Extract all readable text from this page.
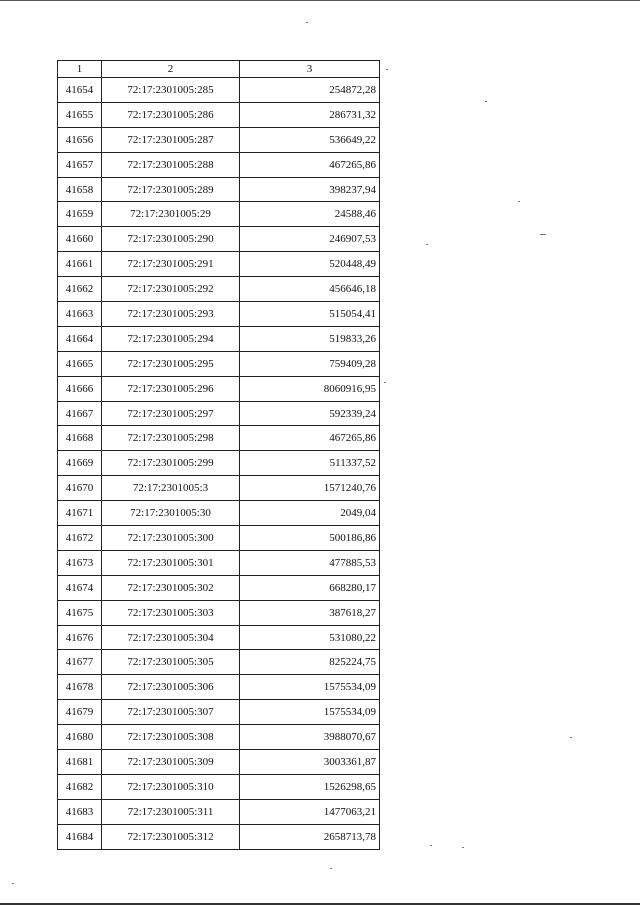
1	2	3
41654	72:17:2301005:285	254872,28
41655	72:17:2301005:286	286731,32
41656	72:17:2301005:287	536649,22
41657	72:17:2301005:288	467265,86
41658	72:17:2301005:289	398237,94
41659	72:17:2301005:29	24588,46
41660	72:17:2301005:290	246907,53
41661	72:17:2301005:291	520448,49
41662	72:17:2301005:292	456646,18
41663	72:17:2301005:293	515054,41
41664	72:17:2301005:294	519833,26
41665	72:17:2301005:295	759409,28
41666	72:17:2301005:296	8060916,95
41667	72:17:2301005:297	592339,24
41668	72:17:2301005:298	467265,86
41669	72:17:2301005:299	511337,52
41670	72:17:2301005:3	1571240,76
41671	72:17:2301005:30	2049,04
41672	72:17:2301005:300	500186,86
41673	72:17:2301005:301	477885,53
41674	72:17:2301005:302	668280,17
41675	72:17:2301005:303	387618,27
41676	72:17:2301005:304	531080,22
41677	72:17:2301005:305	825224,75
41678	72:17:2301005:306	1575534,09
41679	72:17:2301005:307	1575534,09
41680	72:17:2301005:308	3988070,67
41681	72:17:2301005:309	3003361,87
41682	72:17:2301005:310	1526298,65
41683	72:17:2301005:311	1477063,21
41684	72:17:2301005:312	2658713,78
